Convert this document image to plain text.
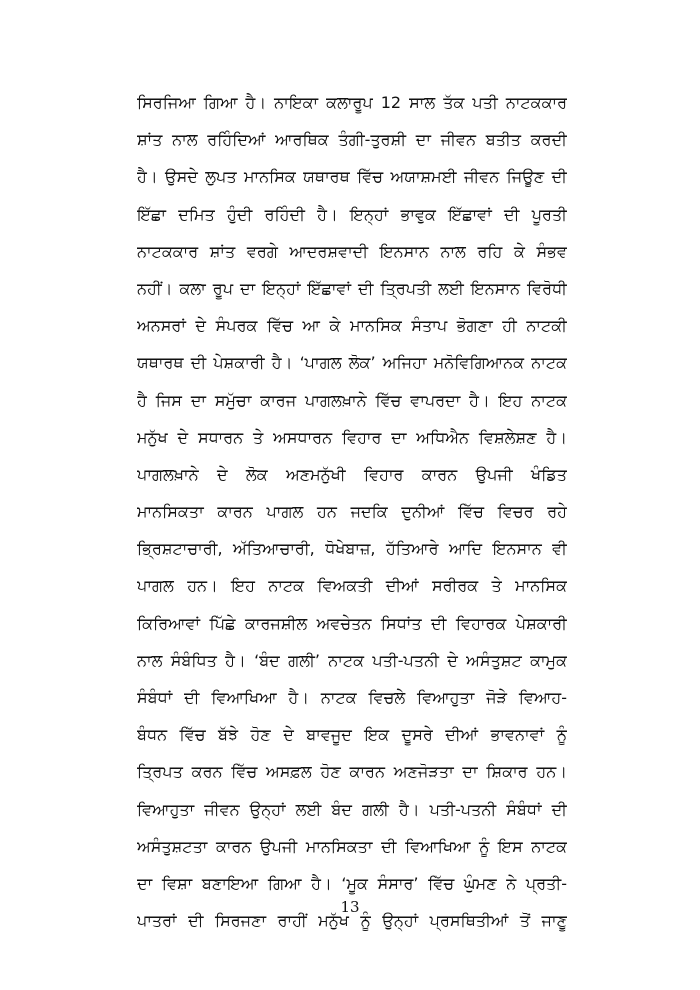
ਸਿਰਜਿਆ ਗਿਆ ਹੈ। ਨਾਇਕਾ ਕਲਾਰੂਪ 12 ਸਾਲ ਤੱਕ ਪਤੀ ਨਾਟਕਕਾਰ
ਸ਼ਾਂਤ ਨਾਲ ਰਹਿੰਦਿਆਂ ਆਰਥਿਕ ਤੰਗੀ-ਤੁਰਸ਼ੀ ਦਾ ਜੀਵਨ ਬਤੀਤ ਕਰਦੀ
ਹੈ। ਉਸਦੇ ਲੁਪਤ ਮਾਨਸਿਕ ਯਥਾਰਥ ਵਿੱਚ ਅਯਾਸ਼ਮਈ ਜੀਵਨ ਜਿਊਣ ਦੀ
ਇੱਛਾ ਦਮਿਤ ਹੁੰਦੀ ਰਹਿੰਦੀ ਹੈ। ਇਨ੍ਹਾਂ ਭਾਵੁਕ ਇੱਛਾਵਾਂ ਦੀ ਪੂਰਤੀ
ਨਾਟਕਕਾਰ ਸ਼ਾਂਤ ਵਰਗੇ ਆਦਰਸ਼ਵਾਦੀ ਇਨਸਾਨ ਨਾਲ ਰਹਿ ਕੇ ਸੰਭਵ
ਨਹੀਂ। ਕਲਾ ਰੂਪ ਦਾ ਇਨ੍ਹਾਂ ਇੱਛਾਵਾਂ ਦੀ ਤ੍ਰਿਪਤੀ ਲਈ ਇਨਸਾਨ ਵਿਰੋਧੀ
ਅਨਸਰਾਂ ਦੇ ਸੰਪਰਕ ਵਿੱਚ ਆ ਕੇ ਮਾਨਸਿਕ ਸੰਤਾਪ ਭੋਗਣਾ ਹੀ ਨਾਟਕੀ
ਯਥਾਰਥ ਦੀ ਪੇਸ਼ਕਾਰੀ ਹੈ। ‘ਪਾਗਲ ਲੋਕ’ ਅਜਿਹਾ ਮਨੋਵਿਗਿਆਨਕ ਨਾਟਕ
ਹੈ ਜਿਸ ਦਾ ਸਮੁੱਚਾ ਕਾਰਜ ਪਾਗਲਖ਼ਾਨੇ ਵਿੱਚ ਵਾਪਰਦਾ ਹੈ। ਇਹ ਨਾਟਕ
ਮਨੁੱਖ ਦੇ ਸਧਾਰਨ ਤੇ ਅਸਧਾਰਨ ਵਿਹਾਰ ਦਾ ਅਧਿਐਨ ਵਿਸ਼ਲੇਸ਼ਣ ਹੈ।
ਪਾਗਲਖ਼ਾਨੇ ਦੇ ਲੋਕ ਅਣਮਨੁੱਖੀ ਵਿਹਾਰ ਕਾਰਨ ਉਪਜੀ ਖੰਡਿਤ
ਮਾਨਸਿਕਤਾ ਕਾਰਨ ਪਾਗਲ ਹਨ ਜਦਕਿ ਦੁਨੀਆਂ ਵਿੱਚ ਵਿਚਰ ਰਹੇ
ਭ੍ਰਿਸ਼ਟਾਚਾਰੀ, ਅੱਤਿਆਚਾਰੀ, ਧੋਖੇਬਾਜ਼, ਹੱਤਿਆਰੇ ਆਦਿ ਇਨਸਾਨ ਵੀ
ਪਾਗਲ ਹਨ। ਇਹ ਨਾਟਕ ਵਿਅਕਤੀ ਦੀਆਂ ਸਰੀਰਕ ਤੇ ਮਾਨਸਿਕ
ਕਿਰਿਆਵਾਂ ਪਿੱਛੇ ਕਾਰਜਸ਼ੀਲ ਅਵਚੇਤਨ ਸਿਧਾਂਤ ਦੀ ਵਿਹਾਰਕ ਪੇਸ਼ਕਾਰੀ
ਨਾਲ ਸੰਬੰਧਿਤ ਹੈ। ‘ਬੰਦ ਗਲੀ’ ਨਾਟਕ ਪਤੀ-ਪਤਨੀ ਦੇ ਅਸੰਤੁਸ਼ਟ ਕਾਮੁਕ
ਸੰਬੰਧਾਂ ਦੀ ਵਿਆਖਿਆ ਹੈ। ਨਾਟਕ ਵਿਚਲੇ ਵਿਆਹੁਤਾ ਜੋੜੇ ਵਿਆਹ-
ਬੰਧਨ ਵਿੱਚ ਬੱਝੇ ਹੋਣ ਦੇ ਬਾਵਜੂਦ ਇਕ ਦੂਸਰੇ ਦੀਆਂ ਭਾਵਨਾਵਾਂ ਨੂੰ
ਤ੍ਰਿਪਤ ਕਰਨ ਵਿੱਚ ਅਸਫ਼ਲ ਹੋਣ ਕਾਰਨ ਅਣਜੋੜਤਾ ਦਾ ਸ਼ਿਕਾਰ ਹਨ।
ਵਿਆਹੁਤਾ ਜੀਵਨ ਉਨ੍ਹਾਂ ਲਈ ਬੰਦ ਗਲੀ ਹੈ। ਪਤੀ-ਪਤਨੀ ਸੰਬੰਧਾਂ ਦੀ
ਅਸੰਤੁਸ਼ਟਤਾ ਕਾਰਨ ਉਪਜੀ ਮਾਨਸਿਕਤਾ ਦੀ ਵਿਆਖਿਆ ਨੂੰ ਇਸ ਨਾਟਕ
ਦਾ ਵਿਸ਼ਾ ਬਣਾਇਆ ਗਿਆ ਹੈ। ‘ਮੂਕ ਸੰਸਾਰ’ ਵਿੱਚ ਘੁੰਮਣ ਨੇ ਪ੍ਰਤੀ-
ਪਾਤਰਾਂ ਦੀ ਸਿਰਜਣਾ ਰਾਹੀਂ ਮਨੁੱਖ ਨੂੰ ਉਨ੍ਹਾਂ ਪ੍ਰਸਥਿਤੀਆਂ ਤੋਂ ਜਾਣੂ
13
